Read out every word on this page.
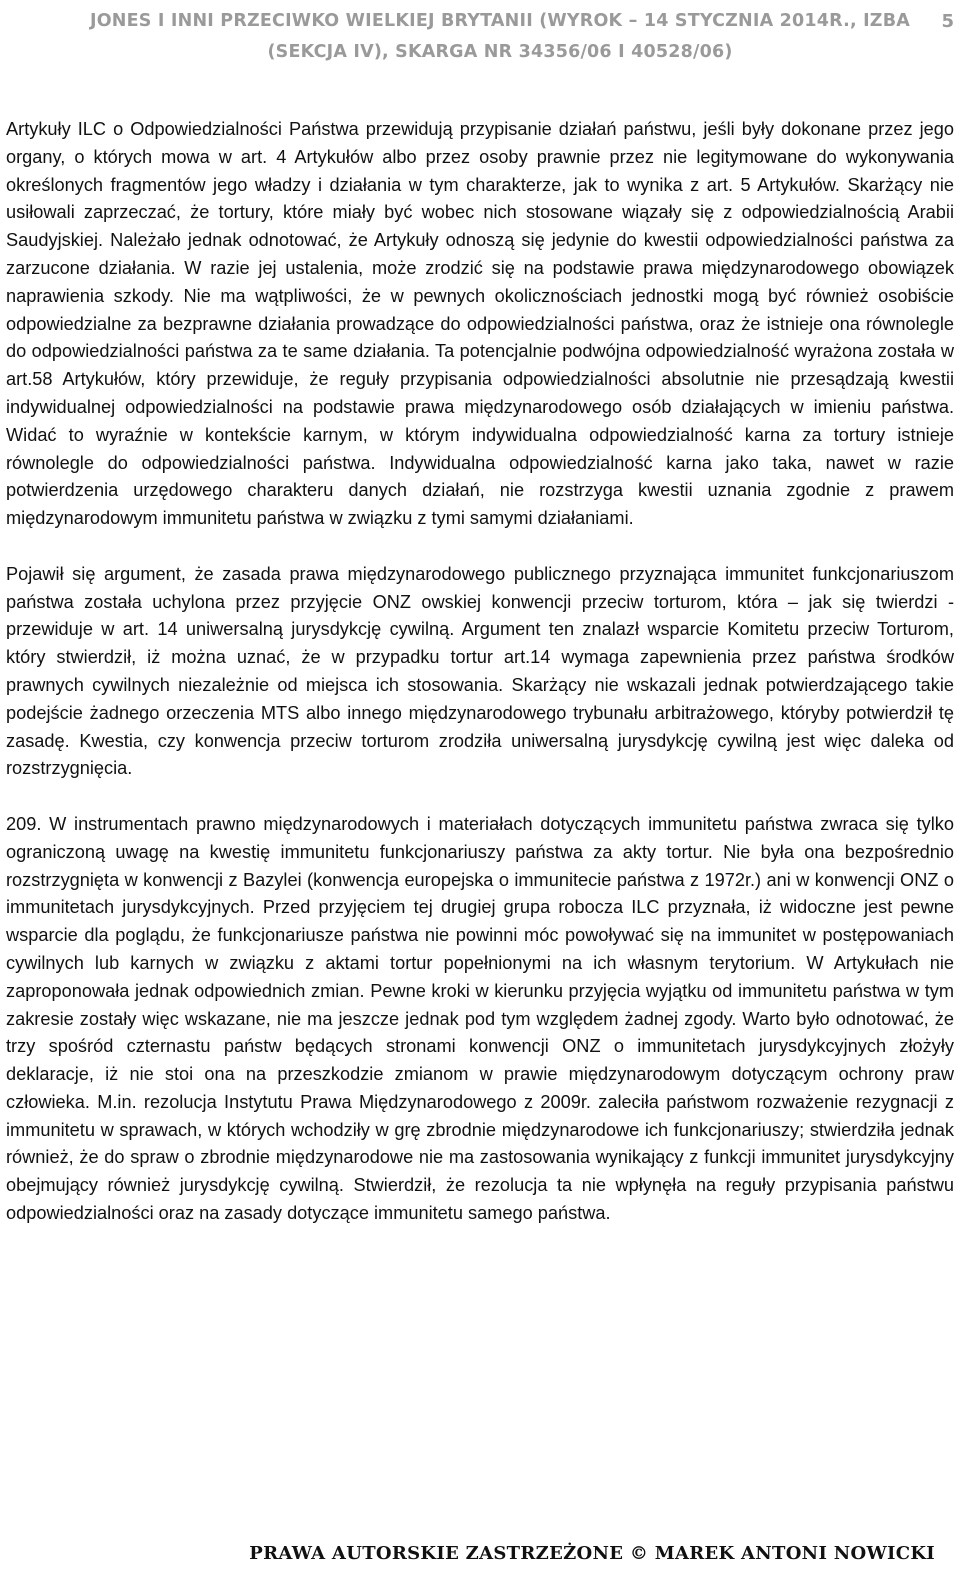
JONES I INNI PRZECIWKO WIELKIEJ BRYTANII (WYROK – 14 STYCZNIA 2014R., IZBA
(SEKCJA IV), SKARGA NR 34356/06 I 40528/06)
5

Artykuły ILC o Odpowiedzialności Państwa przewidują przypisanie działań państwu, jeśli były dokonane przez jego organy, o których mowa w art. 4 Artykułów albo przez osoby prawnie przez nie legitymowane do wykonywania określonych fragmentów jego władzy i działania w tym charakterze, jak to wynika z art. 5 Artykułów. Skarżący nie usiłowali zaprzeczać, że tortury, które miały być wobec nich stosowane wiązały się z odpowiedzialnością Arabii Saudyjskiej. Należało jednak odnotować, że Artykuły odnoszą się jedynie do kwestii odpowiedzialności państwa za zarzucone działania. W razie jej ustalenia, może zrodzić się na podstawie prawa międzynarodowego obowiązek naprawienia szkody. Nie ma wątpliwości, że w pewnych okolicznościach jednostki mogą być również osobiście odpowiedzialne za bezprawne działania prowadzące do odpowiedzialności państwa, oraz że istnieje ona równolegle do odpowiedzialności państwa za te same działania. Ta potencjalnie podwójna odpowiedzialność wyrażona została w art.58 Artykułów, który przewiduje, że reguły przypisania odpowiedzialności absolutnie nie przesądzają kwestii indywidualnej odpowiedzialności na podstawie prawa międzynarodowego osób działających w imieniu państwa. Widać to wyraźnie w kontekście karnym, w którym indywidualna odpowiedzialność karna za tortury istnieje równolegle do odpowiedzialności państwa. Indywidualna odpowiedzialność karna jako taka, nawet w razie potwierdzenia urzędowego charakteru danych działań, nie rozstrzyga kwestii uznania zgodnie z prawem międzynarodowym immunitetu państwa w związku z tymi samymi działaniami.

Pojawił się argument, że zasada prawa międzynarodowego publicznego przyznająca immunitet funkcjonariuszom państwa została uchylona przez przyjęcie ONZ owskiej konwencji przeciw torturom, która – jak się twierdzi - przewiduje w art. 14 uniwersalną jurysdykcję cywilną. Argument ten znalazł wsparcie Komitetu przeciw Torturom, który stwierdził, iż można uznać, że w przypadku tortur art.14 wymaga zapewnienia przez państwa środków prawnych cywilnych niezależnie od miejsca ich stosowania. Skarżący nie wskazali jednak potwierdzającego takie podejście żadnego orzeczenia MTS albo innego międzynarodowego trybunału arbitrażowego, któryby potwierdził tę zasadę. Kwestia, czy konwencja przeciw torturom zrodziła uniwersalną jurysdykcję cywilną jest więc daleka od rozstrzygnięcia.

209. W instrumentach prawno międzynarodowych i materiałach dotyczących immunitetu państwa zwraca się tylko ograniczoną uwagę na kwestię immunitetu funkcjonariuszy państwa za akty tortur. Nie była ona bezpośrednio rozstrzygnięta w konwencji z Bazylei (konwencja europejska o immunitecie państwa z 1972r.) ani w konwencji ONZ o immunitetach jurysdykcyjnych. Przed przyjęciem tej drugiej grupa robocza ILC przyznała, iż widoczne jest pewne wsparcie dla poglądu, że funkcjonariusze państwa nie powinni móc powoływać się na immunitet w postępowaniach cywilnych lub karnych w związku z aktami tortur popełnionymi na ich własnym terytorium. W Artykułach nie zaproponowała jednak odpowiednich zmian. Pewne kroki w kierunku przyjęcia wyjątku od immunitetu państwa w tym zakresie zostały więc wskazane, nie ma jeszcze jednak pod tym względem żadnej zgody. Warto było odnotować, że trzy spośród czternastu państw będących stronami konwencji ONZ o immunitetach jurysdykcyjnych złożyły deklaracje, iż nie stoi ona na przeszkodzie zmianom w prawie międzynarodowym dotyczącym ochrony praw człowieka. M.in. rezolucja Instytutu Prawa Międzynarodowego z 2009r. zaleciła państwom rozważenie rezygnacji z immunitetu w sprawach, w których wchodziły w grę zbrodnie międzynarodowe ich funkcjonariuszy; stwierdziła jednak również, że do spraw o zbrodnie międzynarodowe nie ma zastosowania wynikający z funkcji immunitet jurysdykcyjny obejmujący również jurysdykcję cywilną. Stwierdził, że rezolucja ta nie wpłynęła na reguły przypisania państwu odpowiedzialności oraz na zasady dotyczące immunitetu samego państwa.

PRAWA AUTORSKIE ZASTRZEŻONE © MAREK ANTONI NOWICKI
